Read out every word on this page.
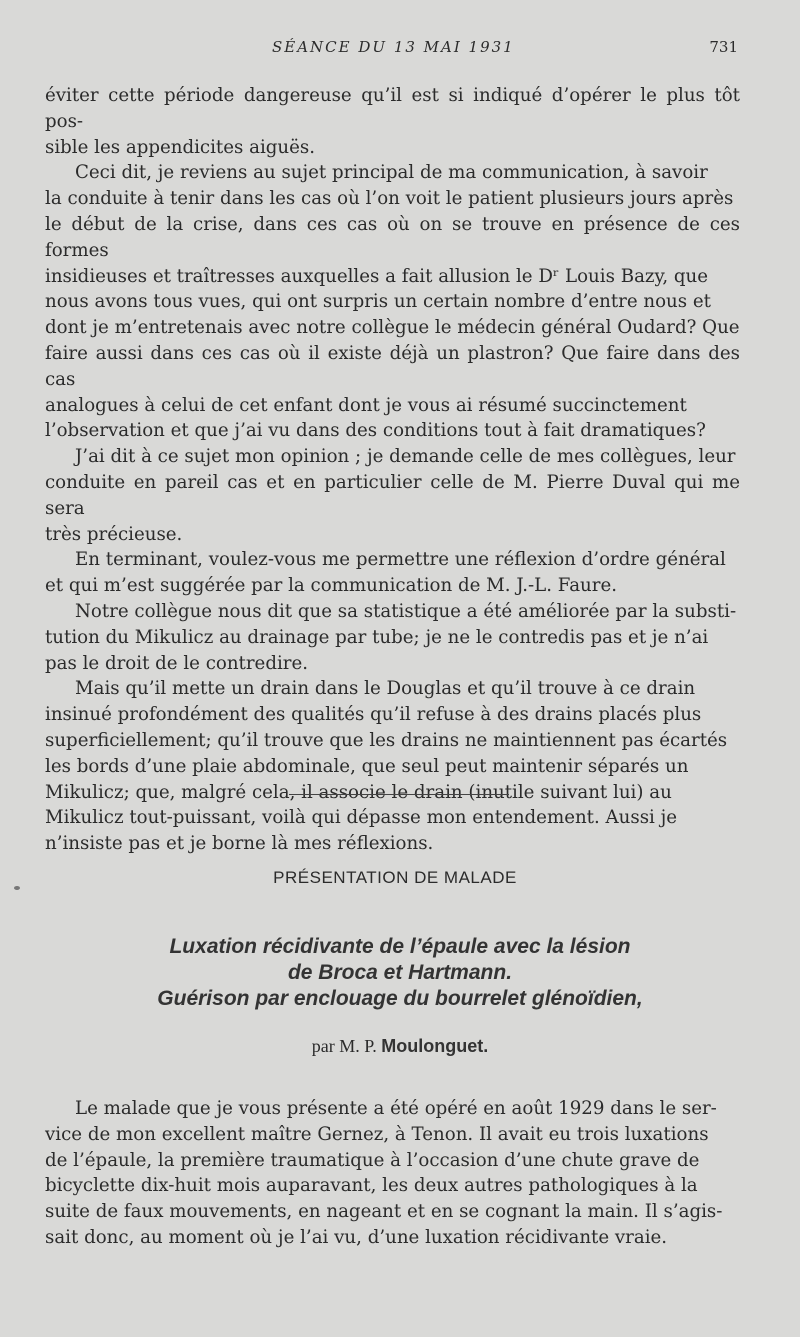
SÉANCE DU 13 MAI 1931	731

éviter cette période dangereuse qu’il est si indiqué d’opérer le plus tôt pos-
sible les appendicites aiguës.

Ceci dit, je reviens au sujet principal de ma communication, à savoir
la conduite à tenir dans les cas où l’on voit le patient plusieurs jours après
le début de la crise, dans ces cas où on se trouve en présence de ces formes
insidieuses et traîtresses auxquelles a fait allusion le Dʳ Louis Bazy, que
nous avons tous vues, qui ont surpris un certain nombre d’entre nous et
dont je m’entretenais avec notre collègue le médecin général Oudard? Que
faire aussi dans ces cas où il existe déjà un plastron? Que faire dans des cas
analogues à celui de cet enfant dont je vous ai résumé succinctement
l’observation et que j’ai vu dans des conditions tout à fait dramatiques?

J’ai dit à ce sujet mon opinion ; je demande celle de mes collègues, leur
conduite en pareil cas et en particulier celle de M. Pierre Duval qui me sera
très précieuse.

En terminant, voulez-vous me permettre une réflexion d’ordre général
et qui m’est suggérée par la communication de M. J.-L. Faure.

Notre collègue nous dit que sa statistique a été améliorée par la substi-
tution du Mikulicz au drainage par tube; je ne le contredis pas et je n’ai
pas le droit de le contredire.

Mais qu’il mette un drain dans le Douglas et qu’il trouve à ce drain
insinué profondément des qualités qu’il refuse à des drains placés plus
superficiellement; qu’il trouve que les drains ne maintiennent pas écartés
les bords d’une plaie abdominale, que seul peut maintenir séparés un
Mikulicz; que, malgré cela, il associe le drain (inutile suivant lui) au
Mikulicz tout-puissant, voilà qui dépasse mon entendement. Aussi je
n’insiste pas et je borne là mes réflexions.

PRÉSENTATION DE MALADE
Luxation récidivante de l’épaule avec la lésion
de Broca et Hartmann.
Guérison par enclouage du bourrelet glénoïdien,
par M. P. Moulonguet.

Le malade que je vous présente a été opéré en août 1929 dans le ser-
vice de mon excellent maître Gernez, à Tenon. Il avait eu trois luxations
de l’épaule, la première traumatique à l’occasion d’une chute grave de
bicyclette dix-huit mois auparavant, les deux autres pathologiques à la
suite de faux mouvements, en nageant et en se cognant la main. Il s’agis-
sait donc, au moment où je l’ai vu, d’une luxation récidivante vraie.
